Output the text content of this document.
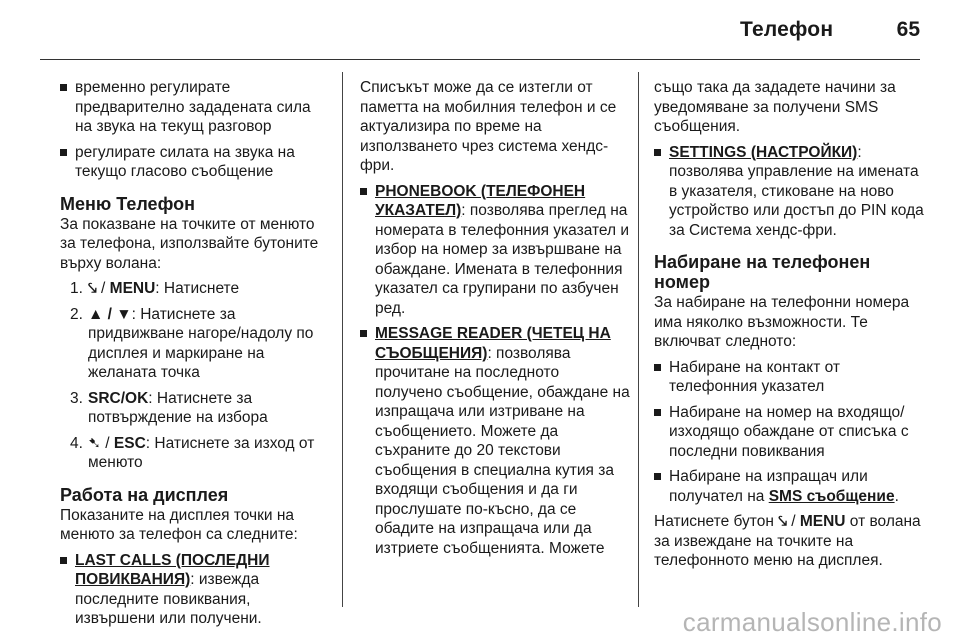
Телефон	65
временно регулирате предварително зададената сила на звука на текущ разговор
регулирате силата на звука на текущо гласово съобщение
Меню Телефон
За показване на точките от менюто за телефона, използвайте бутоните върху волана:
1. ⤥ / MENU: Натиснете
2. ▲ / ▼: Натиснете за придвижване нагоре/надолу по дисплея и маркиране на желаната точка
3. SRC/OK: Натиснете за потвърждение на избора
4. ➷ / ESC: Натиснете за изход от менюто
Работа на дисплея
Показаните на дисплея точки на менюто за телефон са следните:
LAST CALLS (ПОСЛЕДНИ ПОВИКВАНИЯ): извежда последните повиквания, извършени или получени.
Списъкът може да се изтегли от паметта на мобилния телефон и се актуализира по време на използването чрез система хендс-фри.
PHONEBOOK (ТЕЛЕФОНЕН УКАЗАТЕЛ): позволява преглед на номерата в телефонния указател и избор на номер за извършване на обаждане. Имената в телефонния указател са групирани по азбучен ред.
MESSAGE READER (ЧЕТЕЦ НА СЪОБЩЕНИЯ): позволява прочитане на последното получено съобщение, обаждане на изпращача или изтриване на съобщението. Можете да съхраните до 20 текстови съобщения в специална кутия за входящи съобщения и да ги прослушате по-късно, да се обадите на изпращача или да изтриете съобщенията. Можете
също така да зададете начини за уведомяване за получени SMS съобщения.
SETTINGS (НАСТРОЙКИ): позволява управление на имената в указателя, стиковане на ново устройство или достъп до PIN кода за Система хендс-фри.
Набиране на телефонен номер
За набиране на телефонни номера има няколко възможности. Те включват следното:
Набиране на контакт от телефонния указател
Набиране на номер на входящо/ изходящо обаждане от списъка с последни повиквания
Набиране на изпращач или получател на SMS съобщение.
Натиснете бутон ⤥ / MENU от волана за извеждане на точките на телефонното меню на дисплея.
carmanualsonline.info
